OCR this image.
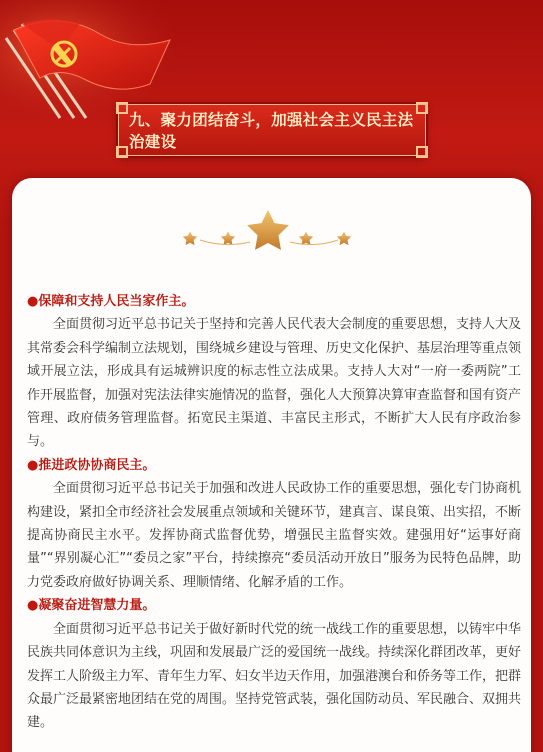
九、聚力团结奋斗，加强社会主义民主法治建设
●保障和支持人民当家作主。
全面贯彻习近平总书记关于坚持和完善人民代表大会制度的重要思想，支持人大及其常委会科学编制立法规划，围绕城乡建设与管理、历史文化保护、基层治理等重点领域开展立法，形成具有运城辨识度的标志性立法成果。支持人大对“一府一委两院”工作开展监督，加强对宪法法律实施情况的监督，强化人大预算决算审查监督和国有资产管理、政府债务管理监督。拓宽民主渠道、丰富民主形式，不断扩大人民有序政治参与。
●推进政协协商民主。
全面贯彻习近平总书记关于加强和改进人民政协工作的重要思想，强化专门协商机构建设，紧扣全市经济社会发展重点领域和关键环节，建真言、谋良策、出实招，不断提高协商民主水平。发挥协商式监督优势，增强民主监督实效。建强用好“运事好商量”“界别凝心汇”“委员之家”平台，持续擦亮“委员活动开放日”服务为民特色品牌，助力党委政府做好协调关系、理顺情绪、化解矛盾的工作。
●凝聚奋进智慧力量。
全面贯彻习近平总书记关于做好新时代党的统一战线工作的重要思想，以铸牢中华民族共同体意识为主线，巩固和发展最广泛的爱国统一战线。持续深化群团改革，更好发挥工人阶级主力军、青年生力军、妇女半边天作用，加强港澳台和侨务等工作，把群众最广泛最紧密地团结在党的周围。坚持党管武装，强化国防动员、军民融合、双拥共建。
